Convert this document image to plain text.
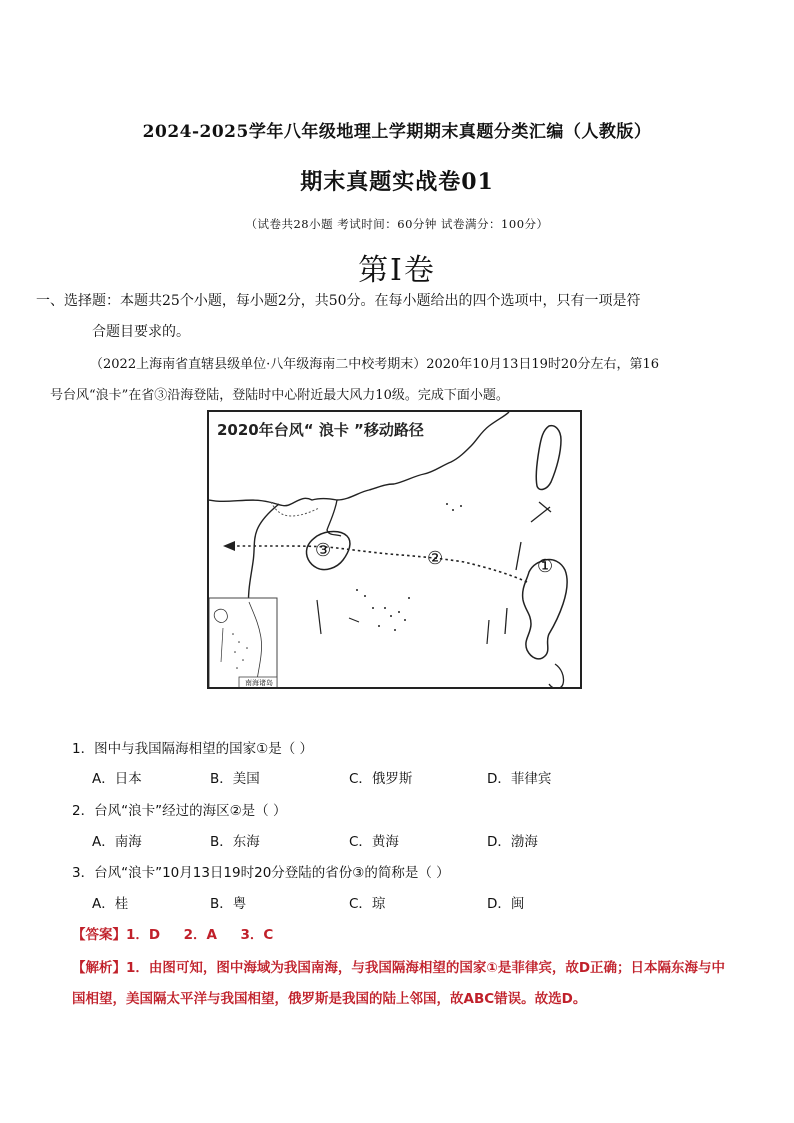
2024-2025学年八年级地理上学期期末真题分类汇编（人教版）
期末真题实战卷01
（试卷共28小题 考试时间：60分钟 试卷满分：100分）
第Ⅰ卷
一、选择题：本题共25个小题，每小题2分，共50分。在每小题给出的四个选项中，只有一项是符
合题目要求的。
（2022上海南省直辖县级单位·八年级海南二中校考期末）2020年10月13日19时20分左右，第16
号台风“浪卡”在省③沿海登陆，登陆时中心附近最大风力10级。完成下面小题。
2020年台风“ 浪卡 ”移动路径
③	②	①
南海诸岛
1．图中与我国隔海相望的国家①是（ ）
A．日本	B．美国	C．俄罗斯	D．菲律宾
2．台风“浪卡”经过的海区②是（ ）
A．南海	B．东海	C．黄海	D．渤海
3．台风“浪卡”10月13日19时20分登陆的省份③的简称是（ ）
A．桂	B．粤	C．琼	D．闽
【答案】1．D     2．A     3．C
【解析】1．由图可知，图中海域为我国南海，与我国隔海相望的国家①是菲律宾，故D正确；日本隔东海与中国相望，美国隔太平洋与我国相望，俄罗斯是我国的陆上邻国，故ABC错误。故选D。
